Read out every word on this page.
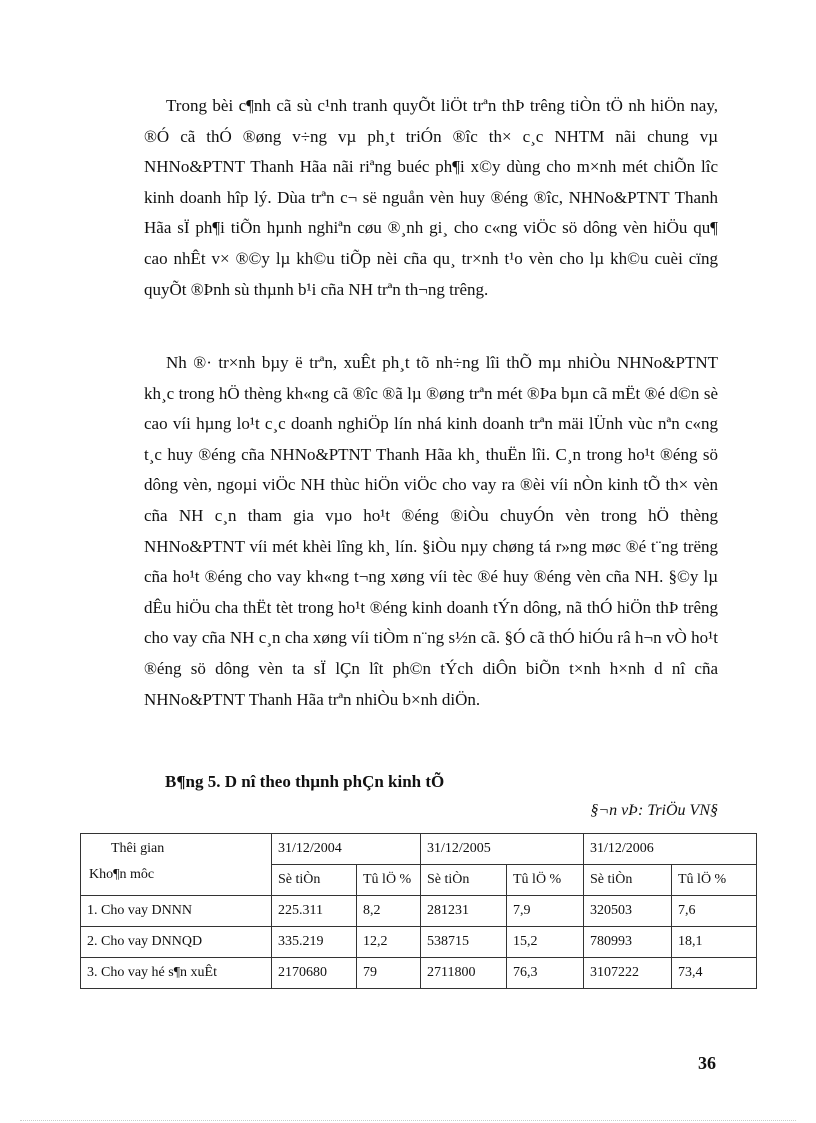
Trong bèi c¶nh cã sù c¹nh tranh quyÕt liÖt trªn thÞ trêng tiÒn tÖ nh hiÖn nay, ®Ó cã thÓ ®øng v÷ng vµ ph¸t triÓn ®îc th× c¸c NHTM nãi chung vµ NHNo&PTNT Thanh Hãa nãi riªng buéc ph¶i x©y dùng cho m×nh mét chiÕn lîc kinh doanh hîp lý. Dùa trªn c¬ së nguån vèn huy ®éng ®îc, NHNo&PTNT Thanh Hãa sÏ ph¶i tiÕn hµnh nghiªn cøu ®¸nh gi¸ cho c«ng viÖc sö dông vèn hiÖu qu¶ cao nhÊt v× ®©y lµ kh©u tiÕp nèi cña qu¸ tr×nh t¹o vèn cho lµ kh©u cuèi cïng quyÕt ®Þnh sù thµnh b¹i cña NH trªn th¬ng trêng.

Nh ®· tr×nh bµy ë trªn, xuÊt ph¸t tõ nh÷ng lîi thÕ mµ nhiÒu NHNo&PTNT kh¸c trong hÖ thèng kh«ng cã ®îc ®ã lµ ®øng trªn mét ®Þa bµn cã mËt ®é d©n sè cao víi hµng lo¹t c¸c doanh nghiÖp lín nhá kinh doanh trªn mäi lÜnh vùc nªn c«ng t¸c huy ®éng cña NHNo&PTNT Thanh Hãa kh¸ thuËn lîi. C¸n trong ho¹t ®éng sö dông vèn, ngoµi viÖc NH thùc hiÖn viÖc cho vay ra ®èi víi nÒn kinh tÕ th× vèn cña NH c¸n tham gia vµo ho¹t ®éng ®iÒu chuyÓn vèn trong hÖ thèng NHNo&PTNT víi mét khèi lîng kh¸ lín. §iÒu nµy chøng tá r»ng møc ®é t¨ng trëng cña ho¹t ®éng cho vay kh«ng t¬ng xøng víi tèc ®é huy ®éng vèn cña NH. §©y lµ dÊu hiÖu cha thËt tèt trong ho¹t ®éng kinh doanh tÝn dông, nã thÓ hiÖn thÞ trêng cho vay cña NH c¸n cha xøng víi tiÒm n¨ng s½n cã. §Ó cã thÓ hiÓu râ h¬n vÒ ho¹t ®éng sö dông vèn ta sÏ lÇn lît ph©n tÝch diÔn biÕn t×nh h×nh d nî cña NHNo&PTNT Thanh Hãa trªn nhiÒu b×nh diÖn.

B¶ng 5. D nî theo thµnh phÇn kinh tÕ
§¬n vÞ: TriÖu VN§
Thêi gian
Kho¶n môc	31/12/2004		31/12/2005		31/12/2006	
	Sè tiÒn	Tû lÖ %	Sè tiÒn	Tû lÖ %	Sè tiÒn	Tû lÖ %
1. Cho vay DNNN	225.311	8,2	281231	7,9	320503	7,6
2. Cho vay DNNQD	335.219	12,2	538715	15,2	780993	18,1
3. Cho vay hé s¶n xuÊt	2170680	79	2711800	76,3	3107222	73,4
36
